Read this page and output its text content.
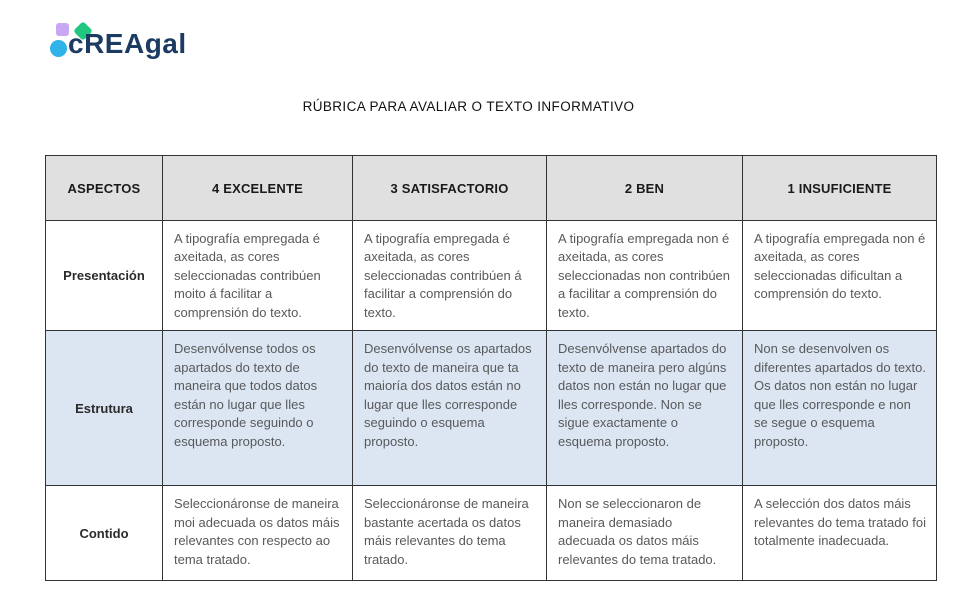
cREAgal
RÚBRICA PARA AVALIAR O TEXTO INFORMATIVO
ASPECTOS	4 EXCELENTE	3 SATISFACTORIO	2 BEN	1 INSUFICIENTE
Presentación	A tipografía empregada é axeitada, as cores seleccionadas contribúen moito á facilitar a comprensión do texto.	A tipografía empregada é axeitada, as cores seleccionadas contribúen á facilitar a comprensión do texto.	A tipografía empregada non é axeitada, as cores seleccionadas non contribúen a facilitar a comprensión do texto.	A tipografía empregada non é axeitada, as cores seleccionadas dificultan a comprensión do texto.
Estrutura	Desenvólvense todos os apartados do texto de maneira que todos datos están no lugar que lles corresponde seguindo o esquema proposto.	Desenvólvense os apartados do texto de maneira que ta maioría dos datos están no lugar que lles corresponde seguindo o esquema proposto.	Desenvólvense apartados do texto de maneira pero algúns datos non están no lugar que lles corresponde. Non se sigue exactamente o esquema proposto.	Non se desenvolven os diferentes apartados do texto. Os datos non están no lugar que lles corresponde e non se segue o esquema proposto.
Contido	Seleccionáronse de maneira moi adecuada os datos máis relevantes con respecto ao tema tratado.	Seleccionáronse de maneira bastante acertada os datos máis relevantes do tema tratado.	Non se seleccionaron de maneira demasiado adecuada os datos máis relevantes do tema tratado.	A selección dos datos máis relevantes do tema tratado foi totalmente inadecuada.
